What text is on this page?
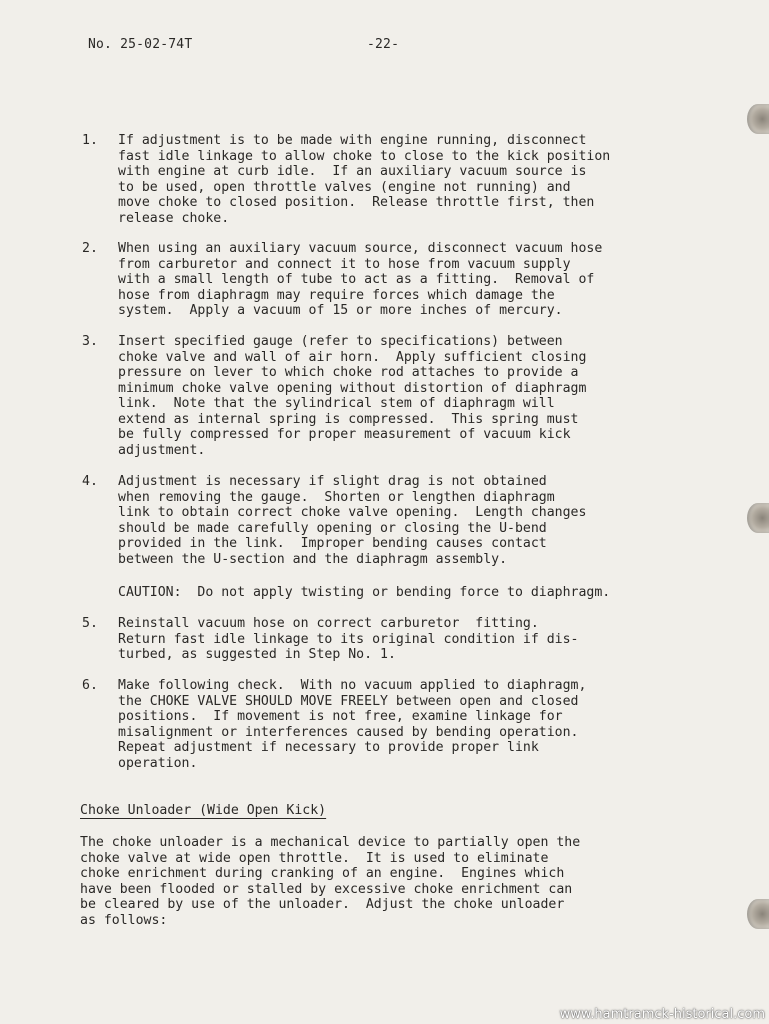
No. 25-02-74T	-22-
1. If adjustment is to be made with engine running, disconnect
fast idle linkage to allow choke to close to the kick position
with engine at curb idle.  If an auxiliary vacuum source is
to be used, open throttle valves (engine not running) and
move choke to closed position.  Release throttle first, then
release choke.
2. When using an auxiliary vacuum source, disconnect vacuum hose
from carburetor and connect it to hose from vacuum supply
with a small length of tube to act as a fitting.  Removal of
hose from diaphragm may require forces which damage the
system.  Apply a vacuum of 15 or more inches of mercury.
3. Insert specified gauge (refer to specifications) between
choke valve and wall of air horn.  Apply sufficient closing
pressure on lever to which choke rod attaches to provide a
minimum choke valve opening without distortion of diaphragm
link.  Note that the sylindrical stem of diaphragm will
extend as internal spring is compressed.  This spring must
be fully compressed for proper measurement of vacuum kick
adjustment.
4. Adjustment is necessary if slight drag is not obtained
when removing the gauge.  Shorten or lengthen diaphragm
link to obtain correct choke valve opening.  Length changes
should be made carefully opening or closing the U-bend
provided in the link.  Improper bending causes contact
between the U-section and the diaphragm assembly.
CAUTION:  Do not apply twisting or bending force to diaphragm.
5. Reinstall vacuum hose on correct carburetor  fitting.
Return fast idle linkage to its original condition if dis-
turbed, as suggested in Step No. 1.
6. Make following check.  With no vacuum applied to diaphragm,
the CHOKE VALVE SHOULD MOVE FREELY between open and closed
positions.  If movement is not free, examine linkage for
misalignment or interferences caused by bending operation.
Repeat adjustment if necessary to provide proper link
operation.
Choke Unloader (Wide Open Kick)
The choke unloader is a mechanical device to partially open the
choke valve at wide open throttle.  It is used to eliminate
choke enrichment during cranking of an engine.  Engines which
have been flooded or stalled by excessive choke enrichment can
be cleared by use of the unloader.  Adjust the choke unloader
as follows:
www.hamtramck-historical.com
